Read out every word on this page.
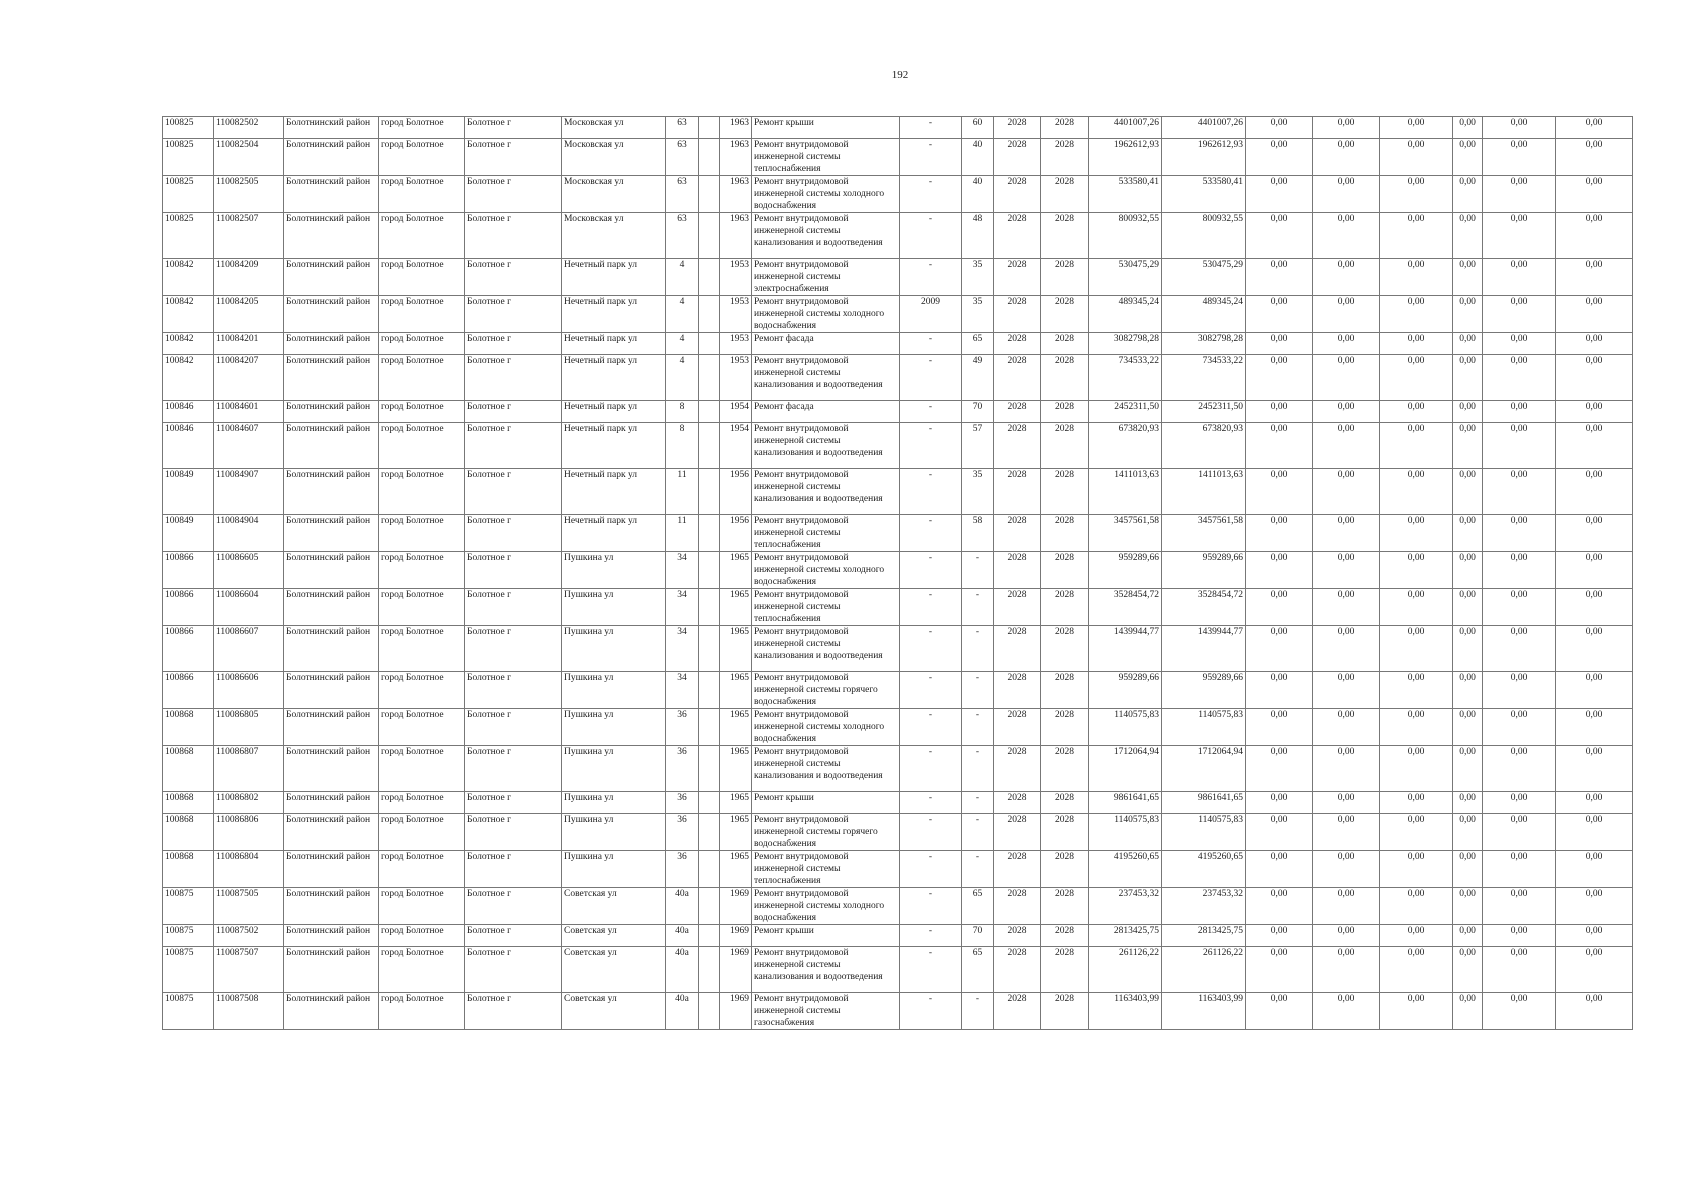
192
100825	110082502	Болотнинский район	город Болотное	Болотное г	Московская ул	63		1963	Ремонт крыши	-	60	2028	2028	4401007,26	4401007,26	0,00	0,00	0,00	0,00	0,00	0,00
100825	110082504	Болотнинский район	город Болотное	Болотное г	Московская ул	63		1963	Ремонт внутридомовой инженерной системы теплоснабжения	-	40	2028	2028	1962612,93	1962612,93	0,00	0,00	0,00	0,00	0,00	0,00
100825	110082505	Болотнинский район	город Болотное	Болотное г	Московская ул	63		1963	Ремонт внутридомовой инженерной системы холодного водоснабжения	-	40	2028	2028	533580,41	533580,41	0,00	0,00	0,00	0,00	0,00	0,00
100825	110082507	Болотнинский район	город Болотное	Болотное г	Московская ул	63		1963	Ремонт внутридомовой инженерной системы канализования и водоотведения	-	48	2028	2028	800932,55	800932,55	0,00	0,00	0,00	0,00	0,00	0,00
100842	110084209	Болотнинский район	город Болотное	Болотное г	Нечетный парк ул	4		1953	Ремонт внутридомовой инженерной системы электроснабжения	-	35	2028	2028	530475,29	530475,29	0,00	0,00	0,00	0,00	0,00	0,00
100842	110084205	Болотнинский район	город Болотное	Болотное г	Нечетный парк ул	4		1953	Ремонт внутридомовой инженерной системы холодного водоснабжения	2009	35	2028	2028	489345,24	489345,24	0,00	0,00	0,00	0,00	0,00	0,00
100842	110084201	Болотнинский район	город Болотное	Болотное г	Нечетный парк ул	4		1953	Ремонт фасада	-	65	2028	2028	3082798,28	3082798,28	0,00	0,00	0,00	0,00	0,00	0,00
100842	110084207	Болотнинский район	город Болотное	Болотное г	Нечетный парк ул	4		1953	Ремонт внутридомовой инженерной системы канализования и водоотведения	-	49	2028	2028	734533,22	734533,22	0,00	0,00	0,00	0,00	0,00	0,00
100846	110084601	Болотнинский район	город Болотное	Болотное г	Нечетный парк ул	8		1954	Ремонт фасада	-	70	2028	2028	2452311,50	2452311,50	0,00	0,00	0,00	0,00	0,00	0,00
100846	110084607	Болотнинский район	город Болотное	Болотное г	Нечетный парк ул	8		1954	Ремонт внутридомовой инженерной системы канализования и водоотведения	-	57	2028	2028	673820,93	673820,93	0,00	0,00	0,00	0,00	0,00	0,00
100849	110084907	Болотнинский район	город Болотное	Болотное г	Нечетный парк ул	11		1956	Ремонт внутридомовой инженерной системы канализования и водоотведения	-	35	2028	2028	1411013,63	1411013,63	0,00	0,00	0,00	0,00	0,00	0,00
100849	110084904	Болотнинский район	город Болотное	Болотное г	Нечетный парк ул	11		1956	Ремонт внутридомовой инженерной системы теплоснабжения	-	58	2028	2028	3457561,58	3457561,58	0,00	0,00	0,00	0,00	0,00	0,00
100866	110086605	Болотнинский район	город Болотное	Болотное г	Пушкина ул	34		1965	Ремонт внутридомовой инженерной системы холодного водоснабжения	-	-	2028	2028	959289,66	959289,66	0,00	0,00	0,00	0,00	0,00	0,00
100866	110086604	Болотнинский район	город Болотное	Болотное г	Пушкина ул	34		1965	Ремонт внутридомовой инженерной системы теплоснабжения	-	-	2028	2028	3528454,72	3528454,72	0,00	0,00	0,00	0,00	0,00	0,00
100866	110086607	Болотнинский район	город Болотное	Болотное г	Пушкина ул	34		1965	Ремонт внутридомовой инженерной системы канализования и водоотведения	-	-	2028	2028	1439944,77	1439944,77	0,00	0,00	0,00	0,00	0,00	0,00
100866	110086606	Болотнинский район	город Болотное	Болотное г	Пушкина ул	34		1965	Ремонт внутридомовой инженерной системы горячего водоснабжения	-	-	2028	2028	959289,66	959289,66	0,00	0,00	0,00	0,00	0,00	0,00
100868	110086805	Болотнинский район	город Болотное	Болотное г	Пушкина ул	36		1965	Ремонт внутридомовой инженерной системы холодного водоснабжения	-	-	2028	2028	1140575,83	1140575,83	0,00	0,00	0,00	0,00	0,00	0,00
100868	110086807	Болотнинский район	город Болотное	Болотное г	Пушкина ул	36		1965	Ремонт внутридомовой инженерной системы канализования и водоотведения	-	-	2028	2028	1712064,94	1712064,94	0,00	0,00	0,00	0,00	0,00	0,00
100868	110086802	Болотнинский район	город Болотное	Болотное г	Пушкина ул	36		1965	Ремонт крыши	-	-	2028	2028	9861641,65	9861641,65	0,00	0,00	0,00	0,00	0,00	0,00
100868	110086806	Болотнинский район	город Болотное	Болотное г	Пушкина ул	36		1965	Ремонт внутридомовой инженерной системы горячего водоснабжения	-	-	2028	2028	1140575,83	1140575,83	0,00	0,00	0,00	0,00	0,00	0,00
100868	110086804	Болотнинский район	город Болотное	Болотное г	Пушкина ул	36		1965	Ремонт внутридомовой инженерной системы теплоснабжения	-	-	2028	2028	4195260,65	4195260,65	0,00	0,00	0,00	0,00	0,00	0,00
100875	110087505	Болотнинский район	город Болотное	Болотное г	Советская ул	40а		1969	Ремонт внутридомовой инженерной системы холодного водоснабжения	-	65	2028	2028	237453,32	237453,32	0,00	0,00	0,00	0,00	0,00	0,00
100875	110087502	Болотнинский район	город Болотное	Болотное г	Советская ул	40а		1969	Ремонт крыши	-	70	2028	2028	2813425,75	2813425,75	0,00	0,00	0,00	0,00	0,00	0,00
100875	110087507	Болотнинский район	город Болотное	Болотное г	Советская ул	40а		1969	Ремонт внутридомовой инженерной системы канализования и водоотведения	-	65	2028	2028	261126,22	261126,22	0,00	0,00	0,00	0,00	0,00	0,00
100875	110087508	Болотнинский район	город Болотное	Болотное г	Советская ул	40а		1969	Ремонт внутридомовой инженерной системы газоснабжения	-	-	2028	2028	1163403,99	1163403,99	0,00	0,00	0,00	0,00	0,00	0,00
